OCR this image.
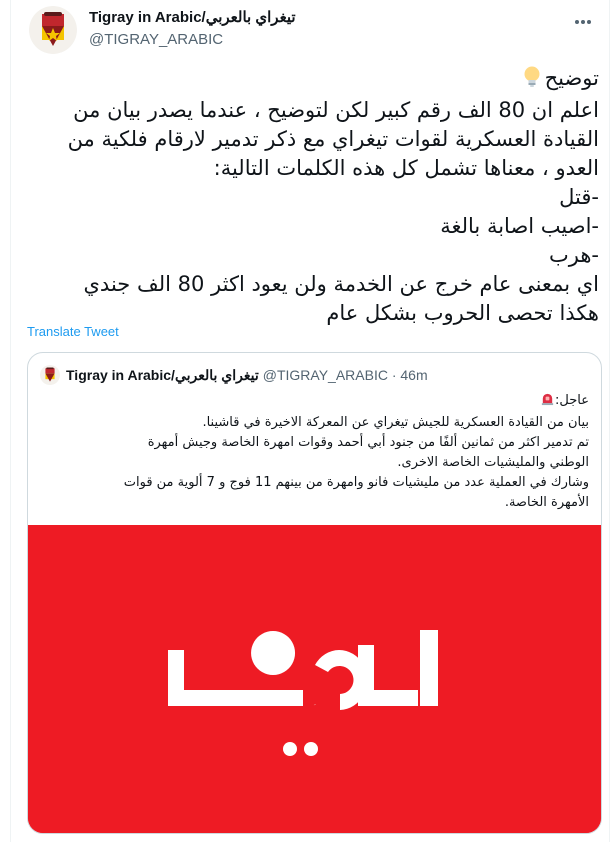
Tigray in Arabic/تيغراي بالعربي
@TIGRAY_ARABIC
توضيح
اعلم ان 80 الف رقم كبير لكن لتوضيح ، عندما يصدر بيان من
القيادة العسكرية لقوات تيغراي مع ذكر تدمير لارقام فلكية من
العدو ، معناها تشمل كل هذه الكلمات التالية:
-قتل
-اصيب اصابة بالغة
-هرب
اي بمعنى عام خرج عن الخدمة ولن يعود اكثر 80 الف جندي
هكذا تحصى الحروب بشكل عام
Translate Tweet
Tigray in Arabic/تيغراي بالعربي @TIGRAY_ARABIC · 46m
عاجل:
بيان من القيادة العسكرية للجيش تيغراي عن المعركة الاخيرة في قاشينا.
تم تدمير اكثر من ثمانين ألفًا من جنود أبي أحمد وقوات امهرة الخاصة وجيش أمهرة
الوطني والمليشيات الخاصة الاخرى.
وشارك في العملية عدد من مليشيات فانو وامهرة من بينهم 11 فوج و 7 ألوية من قوات
الأمهرة الخاصة.
عاجل
